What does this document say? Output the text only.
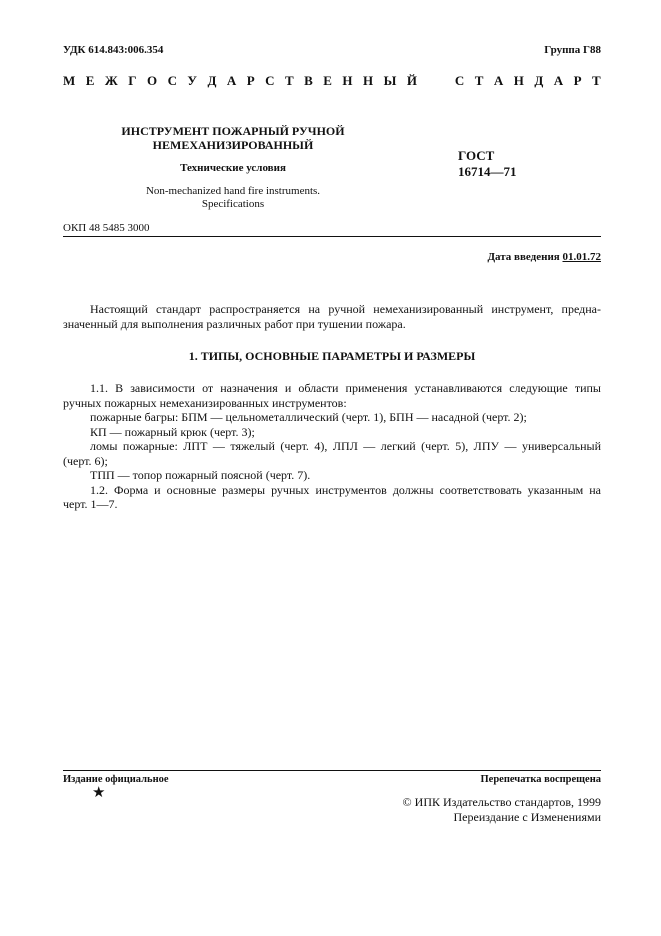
УДК 614.843:006.354	Группа Г88
М Е Ж Г О С У Д А Р С Т В Е Н Н Ы Й

	С Т А Н Д А Р Т
ИНСТРУМЕНТ ПОЖАРНЫЙ РУЧНОЙ
НЕМЕХАНИЗИРОВАННЫЙ
Технические условия
Non-mechanized hand fire instruments.
Specifications
ГОСТ
16714—71
ОКП 48 5485 3000
Дата введения 01.01.72

Настоящий стандарт распространяется на ручной немеханизированный инструмент, предна-

значенный для выполнения различных работ при тушении пожара.

1. ТИПЫ, ОСНОВНЫЕ ПАРАМЕТРЫ И РАЗМЕРЫ

1.1. В зависимости от назначения и области применения устанавливаются следующие типы

ручных пожарных немеханизированных инструментов:

пожарные багры: БПМ — цельнометаллический (черт. 1), БПН — насадной (черт. 2);

КП — пожарный крюк (черт. 3);

ломы пожарные: ЛПТ — тяжелый (черт. 4), ЛПЛ — легкий (черт. 5), ЛПУ — универсальный

(черт. 6);

ТПП — топор пожарный поясной (черт. 7).

1.2. Форма и основные размеры ручных инструментов должны соответствовать указанным на

черт. 1—7.

Издание официальное
★
Перепечатка воспрещена
© ИПК Издательство стандартов, 1999
Переиздание с Изменениями
